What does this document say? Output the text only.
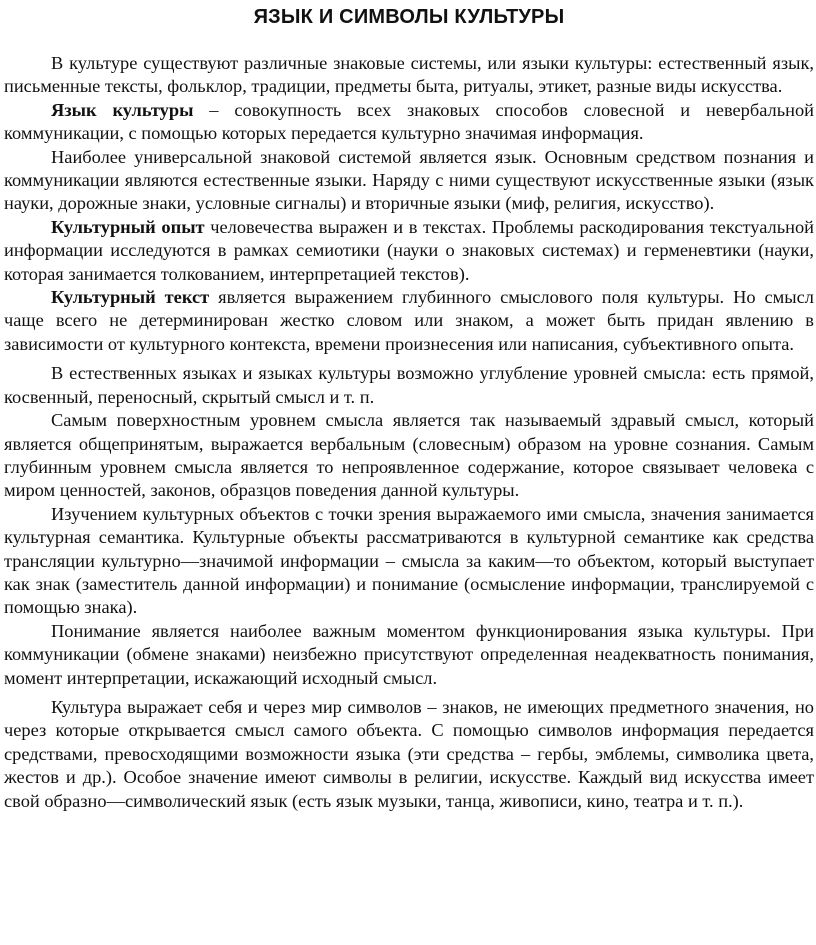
ЯЗЫК И СИМВОЛЫ КУЛЬТУРЫ

В культуре существуют различные знаковые системы, или языки культуры: естественный язык, письменные тексты, фольклор, традиции, предметы быта, ритуалы, этикет, разные виды искусства.

Язык культуры – совокупность всех знаковых способов словесной и невербальной коммуникации, с помощью которых передается культурно значимая информация.

Наиболее универсальной знаковой системой является язык. Основным средством познания и коммуникации являются естественные языки. Наряду с ними существуют искусственные языки (язык науки, дорожные знаки, условные сигналы) и вторичные языки (миф, религия, искусство).

Культурный опыт человечества выражен и в текстах. Проблемы раскодирования текстуальной информации исследуются в рамках семиотики (науки о знаковых системах) и герменевтики (науки, которая занимается толкованием, интерпретацией текстов).

Культурный текст является выражением глубинного смыслового поля культуры. Но смысл чаще всего не детерминирован жестко словом или знаком, а может быть придан явлению в зависимости от культурного контекста, времени произнесения или написания, субъективного опыта.

В естественных языках и языках культуры возможно углубление уровней смысла: есть прямой, косвенный, переносный, скрытый смысл и т. п.

Самым поверхностным уровнем смысла является так называемый здравый смысл, который является общепринятым, выражается вербальным (словесным) образом на уровне сознания. Самым глубинным уровнем смысла является то непроявленное содержание, которое связывает человека с миром ценностей, законов, образцов поведения данной культуры.

Изучением культурных объектов с точки зрения выражаемого ими смысла, значения занимается культурная семантика. Культурные объекты рассматриваются в культурной семантике как средства трансляции культурно—значимой информации – смысла за каким—то объектом, который выступает как знак (заместитель данной информации) и понимание (осмысление информации, транслируемой с помощью знака).

Понимание является наиболее важным моментом функционирования языка культуры. При коммуникации (обмене знаками) неизбежно присутствуют определенная неадекватность понимания, момент интерпретации, искажающий исходный смысл.

Культура выражает себя и через мир символов – знаков, не имеющих предметного значения, но через которые открывается смысл самого объекта. С помощью символов информация передается средствами, превосходящими возможности языка (эти средства – гербы, эмблемы, символика цвета, жестов и др.). Особое значение имеют символы в религии, искусстве. Каждый вид искусства имеет свой образно—символический язык (есть язык музыки, танца, живописи, кино, театра и т. п.).
